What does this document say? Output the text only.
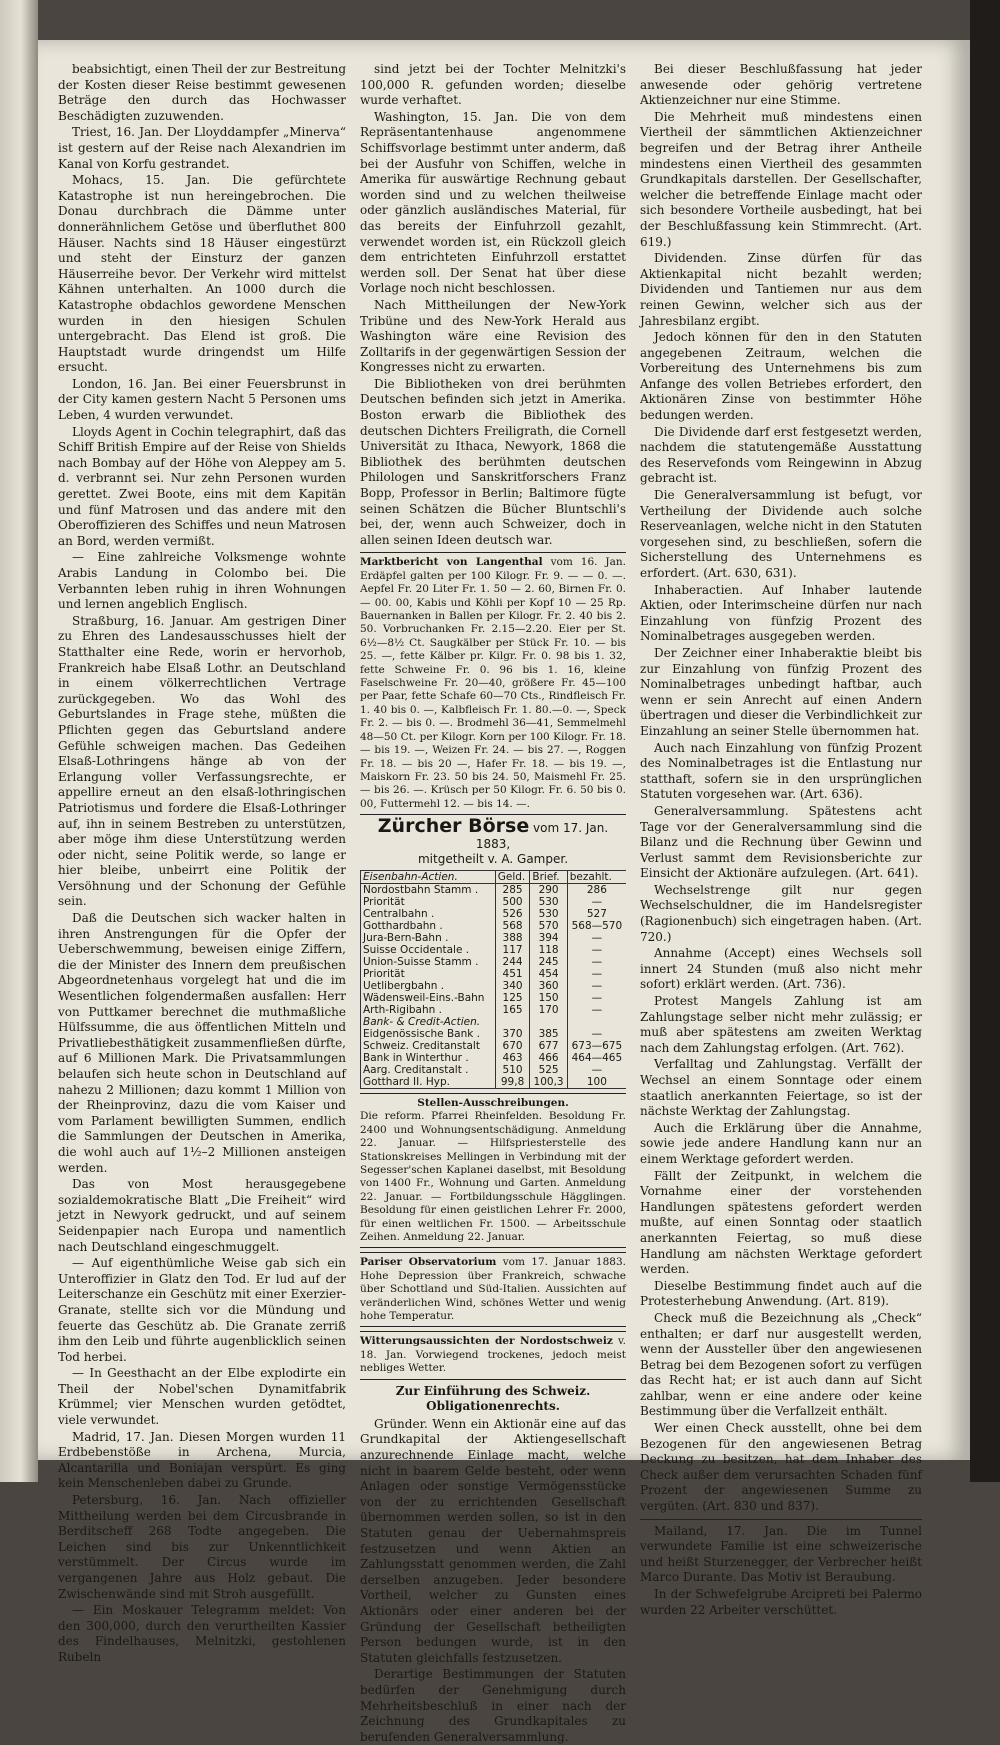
beabsichtigt, einen Theil der zur Bestreitung der Kosten dieser Reise bestimmt gewesenen Beträge den durch das Hochwasser Beschädigten zuzuwenden.

Triest, 16. Jan. Der Lloyddampfer „Minerva“ ist gestern auf der Reise nach Alexandrien im Kanal von Korfu gestrandet.

Mohacs, 15. Jan. Die gefürchtete Katastrophe ist nun hereingebrochen. Die Donau durchbrach die Dämme unter donnerähnlichem Getöse und überfluthet 800 Häuser. Nachts sind 18 Häuser eingestürzt und steht der Einsturz der ganzen Häuserreihe bevor. Der Verkehr wird mittelst Kähnen unterhalten. An 1000 durch die Katastrophe obdachlos gewordene Menschen wurden in den hiesigen Schulen untergebracht. Das Elend ist groß. Die Hauptstadt wurde dringendst um Hilfe ersucht.

London, 16. Jan. Bei einer Feuersbrunst in der City kamen gestern Nacht 5 Personen ums Leben, 4 wurden verwundet.

Lloyds Agent in Cochin telegraphirt, daß das Schiff British Empire auf der Reise von Shields nach Bombay auf der Höhe von Aleppey am 5. d. verbrannt sei. Nur zehn Personen wurden gerettet. Zwei Boote, eins mit dem Kapitän und fünf Matrosen und das andere mit den Oberoffizieren des Schiffes und neun Matrosen an Bord, werden vermißt.

— Eine zahlreiche Volksmenge wohnte Arabis Landung in Colombo bei. Die Verbannten leben ruhig in ihren Wohnungen und lernen angeblich Englisch.

Straßburg, 16. Januar. Am gestrigen Diner zu Ehren des Landesausschusses hielt der Statthalter eine Rede, worin er hervorhob, Frankreich habe Elsaß Lothr. an Deutschland in einem völkerrechtlichen Vertrage zurückgegeben. Wo das Wohl des Geburtslandes in Frage stehe, müßten die Pflichten gegen das Geburtsland andere Gefühle schweigen machen. Das Gedeihen Elsaß-Lothringens hänge ab von der Erlangung voller Verfassungsrechte, er appellire erneut an den elsaß-lothringischen Patriotismus und fordere die Elsaß-Lothringer auf, ihn in seinem Bestreben zu unterstützen, aber möge ihm diese Unterstützung werden oder nicht, seine Politik werde, so lange er hier bleibe, unbeirrt eine Politik der Versöhnung und der Schonung der Gefühle sein.

Daß die Deutschen sich wacker halten in ihren Anstrengungen für die Opfer der Ueberschwemmung, beweisen einige Ziffern, die der Minister des Innern dem preußischen Abgeordnetenhaus vorgelegt hat und die im Wesentlichen folgendermaßen ausfallen: Herr von Puttkamer berechnet die muthmaßliche Hülfssumme, die aus öffentlichen Mitteln und Privatliebesthätigkeit zusammenfließen dürfte, auf 6 Millionen Mark. Die Privatsammlungen belaufen sich heute schon in Deutschland auf nahezu 2 Millionen; dazu kommt 1 Million von der Rheinprovinz, dazu die vom Kaiser und vom Parlament bewilligten Summen, endlich die Sammlungen der Deutschen in Amerika, die wohl auch auf 1½–2 Millionen ansteigen werden.

Das von Most herausgegebene sozialdemokratische Blatt „Die Freiheit“ wird jetzt in Newyork gedruckt, und auf seinem Seidenpapier nach Europa und namentlich nach Deutschland eingeschmuggelt.

— Auf eigenthümliche Weise gab sich ein Unteroffizier in Glatz den Tod. Er lud auf der Leiterschanze ein Geschütz mit einer Exerzier-Granate, stellte sich vor die Mündung und feuerte das Geschütz ab. Die Granate zerriß ihm den Leib und führte augenblicklich seinen Tod herbei.

— In Geesthacht an der Elbe explodirte ein Theil der Nobel'schen Dynamitfabrik Krümmel; vier Menschen wurden getödtet, viele verwundet.

Madrid, 17. Jan. Diesen Morgen wurden 11 Erdbebenstöße in Archena, Murcia, Alcantarilla und Boniajan verspürt. Es ging kein Menschenleben dabei zu Grunde.

Petersburg, 16. Jan. Nach offizieller Mittheilung werden bei dem Circusbrande in Berditscheff 268 Todte angegeben. Die Leichen sind bis zur Unkenntlichkeit verstümmelt. Der Circus wurde im vergangenen Jahre aus Holz gebaut. Die Zwischenwände sind mit Stroh ausgefüllt.

— Ein Moskauer Telegramm meldet: Von den 300,000, durch den verurtheilten Kassier des Findelhauses, Melnitzki, gestohlenen Rubeln

sind jetzt bei der Tochter Melnitzki's 100,000 R. gefunden worden; dieselbe wurde verhaftet.

Washington, 15. Jan. Die von dem Repräsentantenhause angenommene Schiffsvorlage bestimmt unter anderm, daß bei der Ausfuhr von Schiffen, welche in Amerika für auswärtige Rechnung gebaut worden sind und zu welchen theilweise oder gänzlich ausländisches Material, für das bereits der Einfuhrzoll gezahlt, verwendet worden ist, ein Rückzoll gleich dem entrichteten Einfuhrzoll erstattet werden soll. Der Senat hat über diese Vorlage noch nicht beschlossen.

Nach Mittheilungen der New-York Tribüne und des New-York Herald aus Washington wäre eine Revision des Zolltarifs in der gegenwärtigen Session der Kongresses nicht zu erwarten.

Die Bibliotheken von drei berühmten Deutschen befinden sich jetzt in Amerika. Boston erwarb die Bibliothek des deutschen Dichters Freiligrath, die Cornell Universität zu Ithaca, Newyork, 1868 die Bibliothek des berühmten deutschen Philologen und Sanskritforschers Franz Bopp, Professor in Berlin; Baltimore fügte seinen Schätzen die Bücher Bluntschli's bei, der, wenn auch Schweizer, doch in allen seinen Ideen deutsch war.

Marktbericht von Langenthal vom 16. Jan. Erdäpfel galten per 100 Kilogr. Fr. 9. — — 0. —. Aepfel Fr. 20 Liter Fr. 1. 50 — 2. 60, Birnen Fr. 0. — 00. 00, Kabis und Köhli per Kopf 10 — 25 Rp. Bauernanken in Ballen per Kilogr. Fr. 2. 40 bis 2. 50. Vorbruchanken Fr. 2.15—2.20. Eier per St. 6½—8½ Ct. Saugkälber per Stück Fr. 10. — bis 25. —, fette Kälber pr. Kilgr. Fr. 0. 98 bis 1. 32, fette Schweine Fr. 0. 96 bis 1. 16, kleine Faselschweine Fr. 20—40, größere Fr. 45—100 per Paar, fette Schafe 60—70 Cts., Rindfleisch Fr. 1. 40 bis 0. —, Kalbfleisch Fr. 1. 80.—0. —, Speck Fr. 2. — bis 0. —. Brodmehl 36—41, Semmelmehl 48—50 Ct. per Kilogr. Korn per 100 Kilogr. Fr. 18. — bis 19. —, Weizen Fr. 24. — bis 27. —, Roggen Fr. 18. — bis 20 —, Hafer Fr. 18. — bis 19. —, Maiskorn Fr. 23. 50 bis 24. 50, Maismehl Fr. 25. — bis 26. —. Krüsch per 50 Kilogr. Fr. 6. 50 bis 0. 00, Futtermehl 12. — bis 14. —.
Zürcher Börse vom 17. Jan. 1883,
mitgetheilt v. A. Gamper.
Eisenbahn-Actien.	Geld.	Brief.	bezahlt.
Nordostbahn Stamm .	285	290	286
Priorität	500	530	—
Centralbahn .	526	530	527
Gotthardbahn .	568	570	568—570
Jura-Bern-Bahn .	388	394	—
Suisse Occidentale .	117	118	—
Union-Suisse Stamm .	244	245	—
Priorität	451	454	—
Uetlibergbahn .	340	360	—
Wädensweil-Eins.-Bahn	125	150	—
Arth-Rigibahn .	165	170	—
Bank- & Credit-Actien.			
Eidgenössische Bank .	370	385	—
Schweiz. Creditanstalt	670	677	673—675
Bank in Winterthur .	463	466	464—465
Aarg. Creditanstalt .	510	525	—
Gotthard II. Hyp.	99,8	100,3	100
Stellen-Ausschreibungen.
Die reform. Pfarrei Rheinfelden. Besoldung Fr. 2400 und Wohnungsentschädigung. Anmeldung 22. Januar. — Hilfspriesterstelle des Stationskreises Mellingen in Verbindung mit der Segesser'schen Kaplanei daselbst, mit Besoldung von 1400 Fr., Wohnung und Garten. Anmeldung 22. Januar. — Fortbildungsschule Hägglingen. Besoldung für einen geistlichen Lehrer Fr. 2000, für einen weltlichen Fr. 1500. — Arbeitsschule Zeihen. Anmeldung 22. Januar.
Pariser Observatorium vom 17. Januar 1883. Hohe Depression über Frankreich, schwache über Schottland und Süd-Italien. Aussichten auf veränderlichen Wind, schönes Wetter und wenig hohe Temperatur.
Witterungsaussichten der Nordostschweiz v. 18. Jan. Vorwiegend trockenes, jedoch meist nebliges Wetter.
Zur Einführung des Schweiz. Obligationenrechts.

Gründer. Wenn ein Aktionär eine auf das Grundkapital der Aktiengesellschaft anzurechnende Einlage macht, welche nicht in baarem Gelde besteht, oder wenn Anlagen oder sonstige Vermögensstücke von der zu errichtenden Gesellschaft übernommen werden sollen, so ist in den Statuten genau der Uebernahmspreis festzusetzen und wenn Aktien an Zahlungsstatt genommen werden, die Zahl derselben anzugeben. Jeder besondere Vortheil, welcher zu Gunsten eines Aktionärs oder einer anderen bei der Gründung der Gesellschaft betheiligten Person bedungen wurde, ist in den Statuten gleichfalls festzusetzen.

Derartige Bestimmungen der Statuten bedürfen der Genehmigung durch Mehrheitsbeschluß in einer nach der Zeichnung des Grundkapitales zu berufenden Generalversammlung.

Bei dieser Beschlußfassung hat jeder anwesende oder gehörig vertretene Aktienzeichner nur eine Stimme.

Die Mehrheit muß mindestens einen Viertheil der sämmtlichen Aktienzeichner begreifen und der Betrag ihrer Antheile mindestens einen Viertheil des gesammten Grundkapitals darstellen. Der Gesellschafter, welcher die betreffende Einlage macht oder sich besondere Vortheile ausbedingt, hat bei der Beschlußfassung kein Stimmrecht. (Art. 619.)

Dividenden. Zinse dürfen für das Aktienkapital nicht bezahlt werden; Dividenden und Tantiemen nur aus dem reinen Gewinn, welcher sich aus der Jahresbilanz ergibt.

Jedoch können für den in den Statuten angegebenen Zeitraum, welchen die Vorbereitung des Unternehmens bis zum Anfange des vollen Betriebes erfordert, den Aktionären Zinse von bestimmter Höhe bedungen werden.

Die Dividende darf erst festgesetzt werden, nachdem die statutengemäße Ausstattung des Reservefonds vom Reingewinn in Abzug gebracht ist.

Die Generalversammlung ist befugt, vor Vertheilung der Dividende auch solche Reserveanlagen, welche nicht in den Statuten vorgesehen sind, zu beschließen, sofern die Sicherstellung des Unternehmens es erfordert. (Art. 630, 631).

Inhaberactien. Auf Inhaber lautende Aktien, oder Interimscheine dürfen nur nach Einzahlung von fünfzig Prozent des Nominalbetrages ausgegeben werden.

Der Zeichner einer Inhaberaktie bleibt bis zur Einzahlung von fünfzig Prozent des Nominalbetrages unbedingt haftbar, auch wenn er sein Anrecht auf einen Andern übertragen und dieser die Verbindlichkeit zur Einzahlung an seiner Stelle übernommen hat.

Auch nach Einzahlung von fünfzig Prozent des Nominalbetrages ist die Entlastung nur statthaft, sofern sie in den ursprünglichen Statuten vorgesehen war. (Art. 636).

Generalversammlung. Spätestens acht Tage vor der Generalversammlung sind die Bilanz und die Rechnung über Gewinn und Verlust sammt dem Revisionsberichte zur Einsicht der Aktionäre aufzulegen. (Art. 641).

Wechselstrenge gilt nur gegen Wechselschuldner, die im Handelsregister (Ragionenbuch) sich eingetragen haben. (Art. 720.)

Annahme (Accept) eines Wechsels soll innert 24 Stunden (muß also nicht mehr sofort) erklärt werden. (Art. 736).

Protest Mangels Zahlung ist am Zahlungstage selber nicht mehr zulässig; er muß aber spätestens am zweiten Werktag nach dem Zahlungstag erfolgen. (Art. 762).

Verfalltag und Zahlungstag. Verfällt der Wechsel an einem Sonntage oder einem staatlich anerkannten Feiertage, so ist der nächste Werktag der Zahlungstag.

Auch die Erklärung über die Annahme, sowie jede andere Handlung kann nur an einem Werktage gefordert werden.

Fällt der Zeitpunkt, in welchem die Vornahme einer der vorstehenden Handlungen spätestens gefordert werden mußte, auf einen Sonntag oder staatlich anerkannten Feiertag, so muß diese Handlung am nächsten Werktage gefordert werden.

Dieselbe Bestimmung findet auch auf die Protesterhebung Anwendung. (Art. 819).

Check muß die Bezeichnung als „Check“ enthalten; er darf nur ausgestellt werden, wenn der Aussteller über den angewiesenen Betrag bei dem Bezogenen sofort zu verfügen das Recht hat; er ist auch dann auf Sicht zahlbar, wenn er eine andere oder keine Bestimmung über die Verfallzeit enthält.

Wer einen Check ausstellt, ohne bei dem Bezogenen für den angewiesenen Betrag Deckung zu besitzen, hat dem Inhaber des Check außer dem verursachten Schaden fünf Prozent der angewiesenen Summe zu vergüten. (Art. 830 und 837).

Mailand, 17. Jan. Die im Tunnel verwundete Familie ist eine schweizerische und heißt Sturzenegger, der Verbrecher heißt Marco Durante. Das Motiv ist Beraubung.

In der Schwefelgrube Arcipreti bei Palermo wurden 22 Arbeiter verschüttet.
